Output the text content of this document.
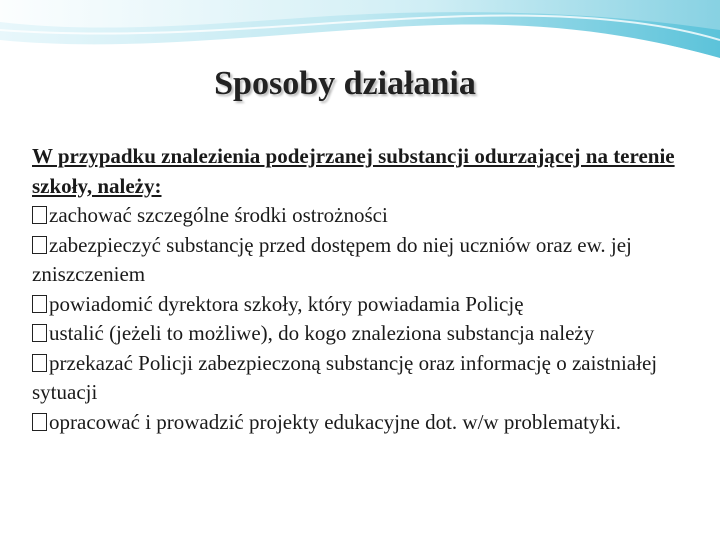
Sposoby działania
W przypadku znalezienia podejrzanej substancji odurzającej na terenie szkoły, należy:
zachować szczególne środki ostrożności
zabezpieczyć substancję przed dostępem do niej uczniów oraz ew. jej zniszczeniem
powiadomić dyrektora szkoły, który powiadamia Policję
ustalić (jeżeli to możliwe), do kogo znaleziona substancja należy
przekazać Policji zabezpieczoną substancję oraz informację o zaistniałej sytuacji
opracować i prowadzić projekty edukacyjne dot. w/w problematyki.
